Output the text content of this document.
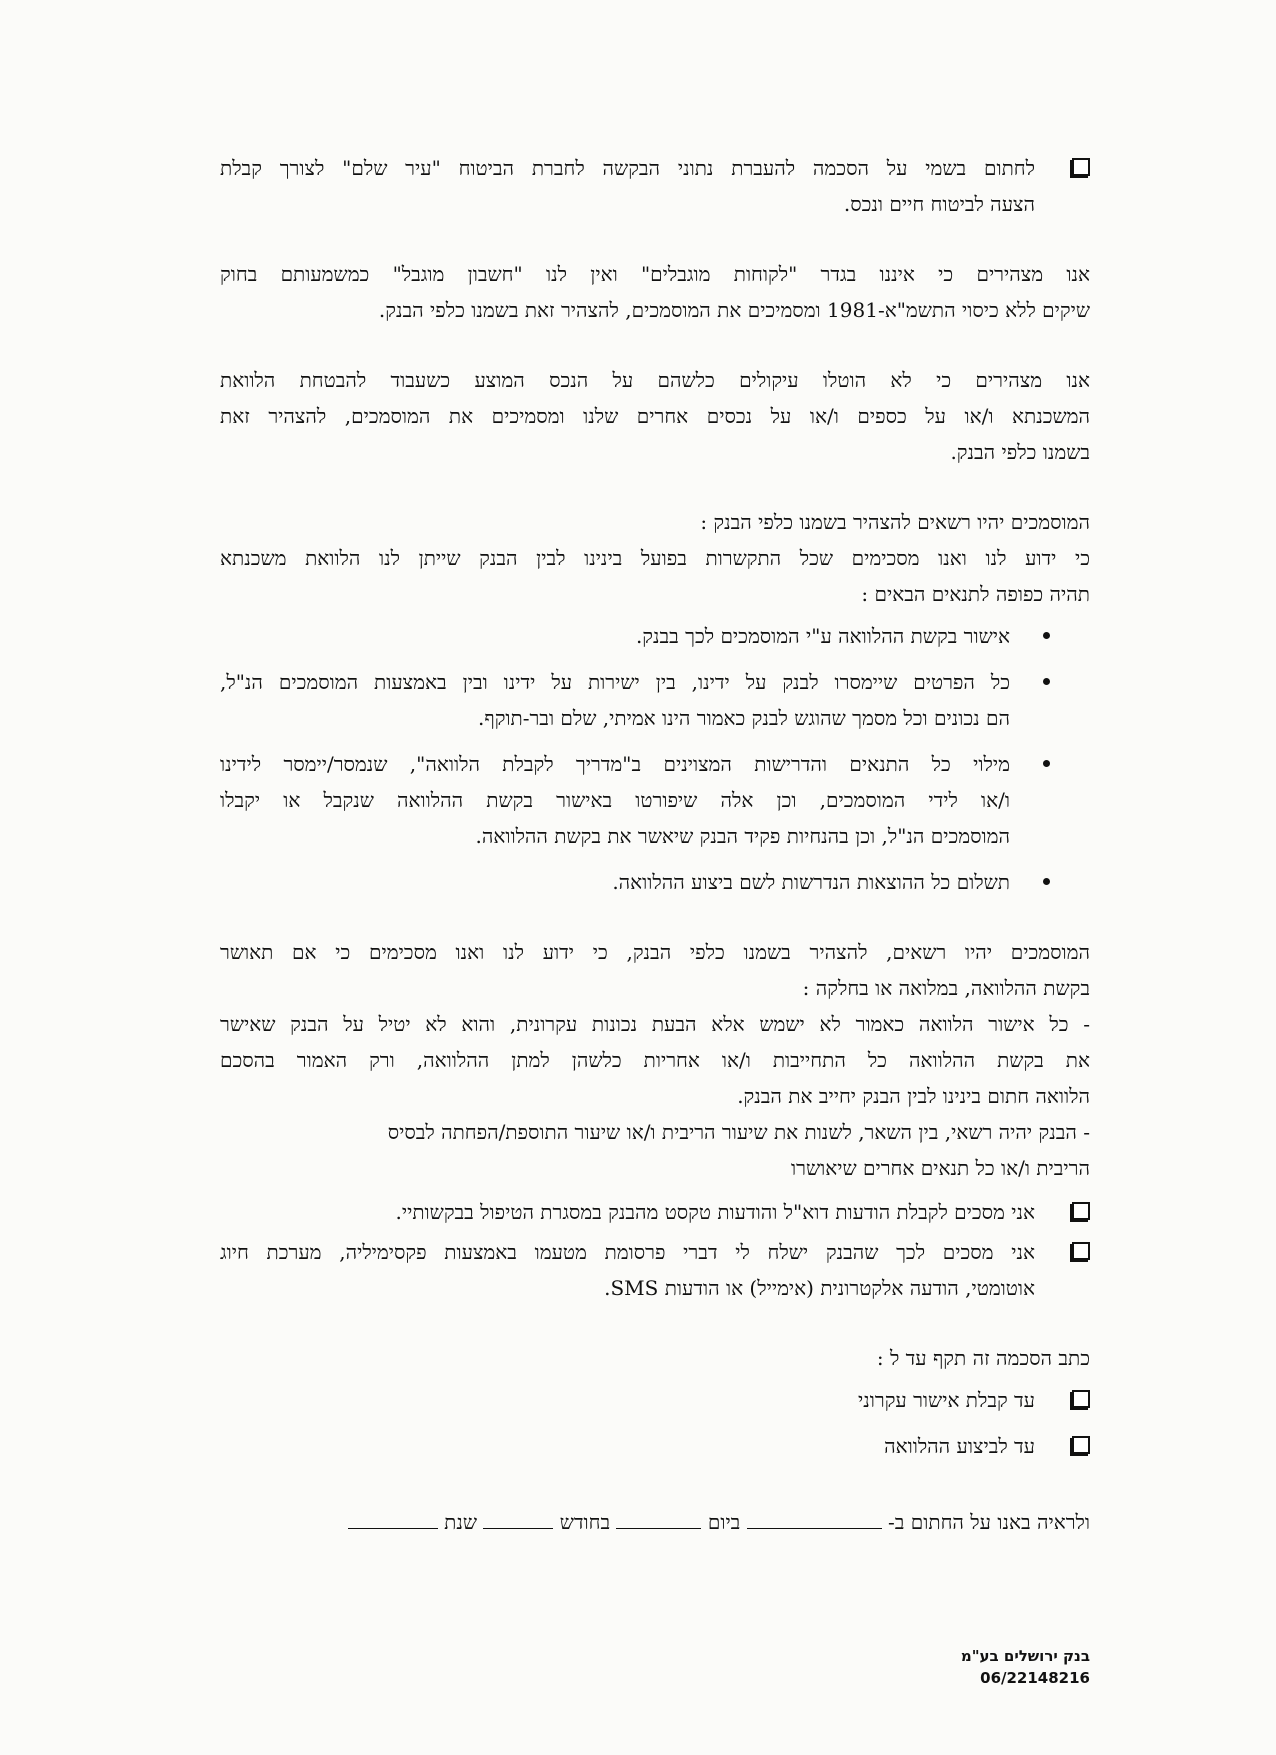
לחתום בשמי על הסכמה להעברת נתוני הבקשה לחברת הביטוח "עיר שלם" לצורך קבלת
הצעה לביטוח חיים ונכס.
אנו מצהירים כי איננו בגדר "לקוחות מוגבלים" ואין לנו "חשבון מוגבל" כמשמעותם בחוק
שיקים ללא כיסוי התשמ"א-1981 ומסמיכים את המוסמכים, להצהיר זאת בשמנו כלפי הבנק.
אנו מצהירים כי לא הוטלו עיקולים כלשהם על הנכס המוצע כשעבוד להבטחת הלוואת
המשכנתא ו/או על כספים ו/או על נכסים אחרים שלנו ומסמיכים את המוסמכים, להצהיר זאת
בשמנו כלפי הבנק.
המוסמכים יהיו רשאים להצהיר בשמנו כלפי הבנק :
כי ידוע לנו ואנו מסכימים שכל התקשרות בפועל בינינו לבין הבנק שייתן לנו הלוואת משכנתא
תהיה כפופה לתנאים הבאים :
אישור בקשת ההלוואה ע"י המוסמכים לכך בבנק.
כל הפרטים שיימסרו לבנק על ידינו, בין ישירות על ידינו ובין באמצעות המוסמכים הנ"ל,
הם נכונים וכל מסמך שהוגש לבנק כאמור הינו אמיתי, שלם ובר-תוקף.
מילוי כל התנאים והדרישות המצוינים ב"מדריך לקבלת הלוואה", שנמסר/יימסר לידינו
ו/או לידי המוסמכים, וכן אלה שיפורטו באישור בקשת ההלוואה שנקבל או יקבלו
המוסמכים הנ"ל, וכן בהנחיות פקיד הבנק שיאשר את בקשת ההלוואה.
תשלום כל ההוצאות הנדרשות לשם ביצוע ההלוואה.
המוסמכים יהיו רשאים, להצהיר בשמנו כלפי הבנק, כי ידוע לנו ואנו מסכימים כי אם תאושר
בקשת ההלוואה, במלואה או בחלקה :
- כל אישור הלוואה כאמור לא ישמש אלא הבעת נכונות עקרונית, והוא לא יטיל על הבנק שאישר
את בקשת ההלוואה כל התחייבות ו/או אחריות כלשהן למתן ההלוואה, ורק האמור בהסכם
הלוואה חתום בינינו לבין הבנק יחייב את הבנק.
- הבנק יהיה רשאי, בין השאר, לשנות את שיעור הריבית ו/או שיעור התוספת/הפחתה לבסיס
הריבית ו/או כל תנאים אחרים שיאושרו
אני מסכים לקבלת הודעות דוא"ל והודעות טקסט מהבנק במסגרת הטיפול בבקשותיי.
אני מסכים לכך שהבנק ישלח לי דברי פרסומת מטעמו באמצעות פקסימיליה, מערכת חיוג
אוטומטי, הודעה אלקטרונית (אימייל) או הודעות SMS.
כתב הסכמה זה תקף עד ל :
עד קבלת אישור עקרוני
עד לביצוע ההלוואה
ולראיה באנו על החתום ב-  ביום  בחודש  שנת
בנק ירושלים בע"מ
06/22148216
